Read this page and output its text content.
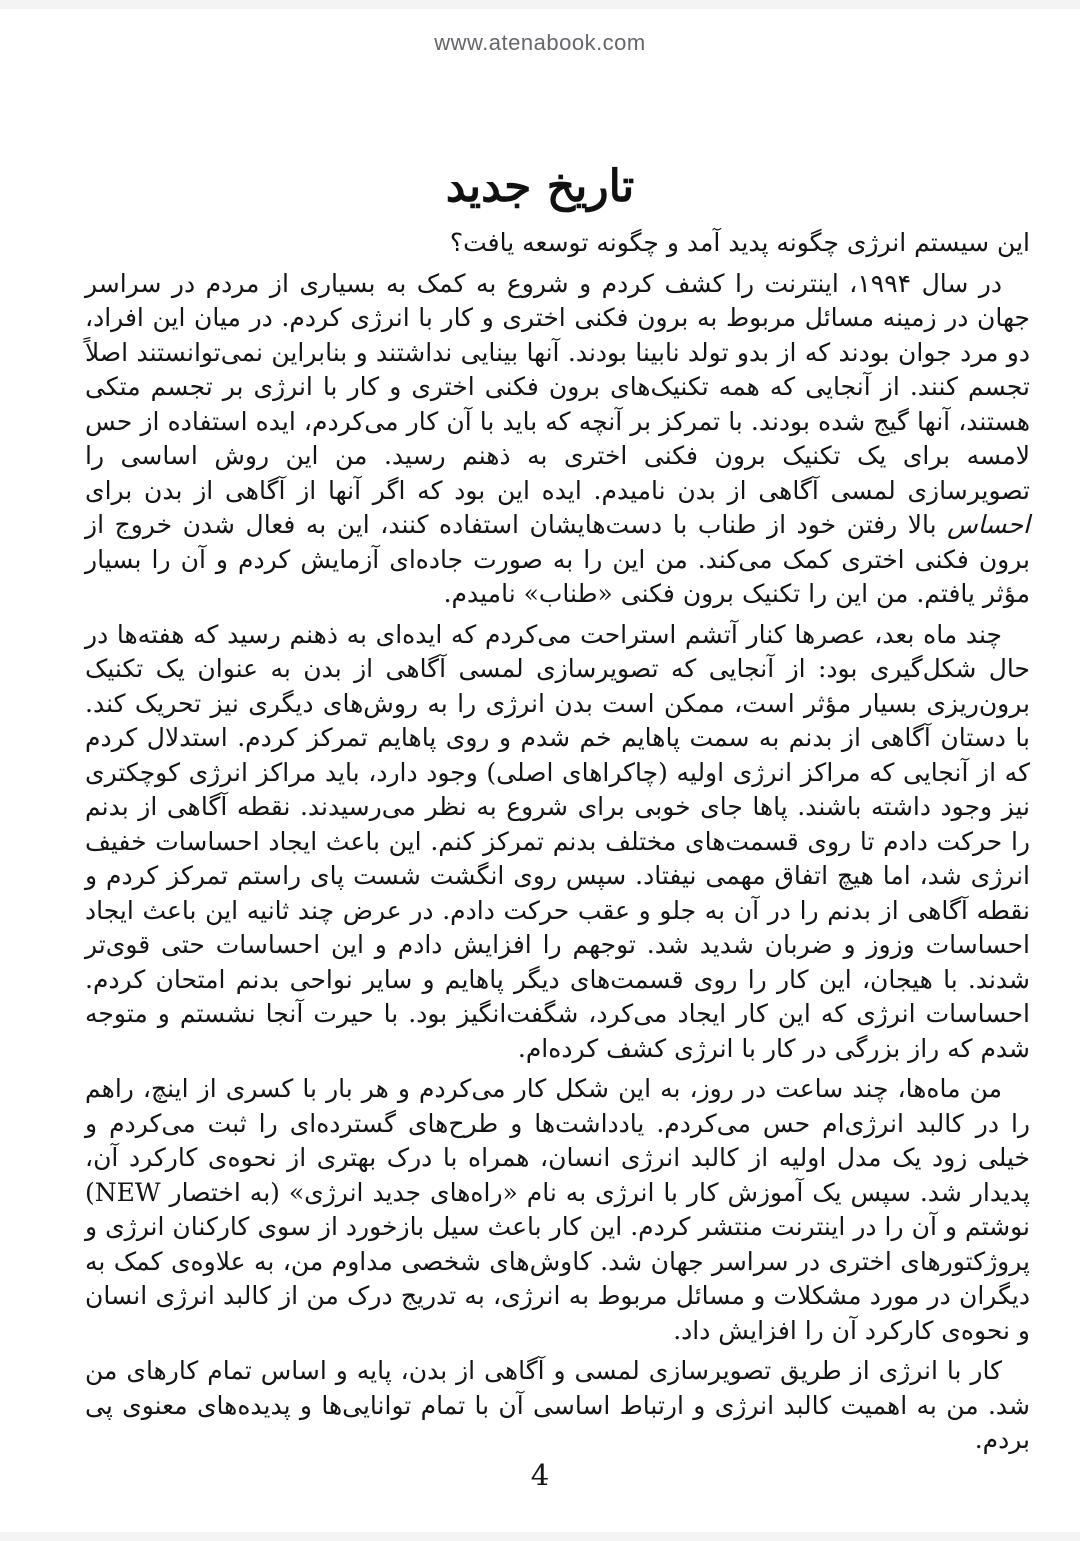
www.atenabook.com
تاریخ جدید

این سیستم انرژی چگونه پدید آمد و چگونه توسعه یافت؟

در سال ۱۹۹۴، اینترنت را کشف کردم و شروع به کمک به بسیاری از مردم در سراسر جهان در زمینه مسائل مربوط به برون فکنی اختری و کار با انرژی کردم. در میان این افراد، دو مرد جوان بودند که از بدو تولد نابینا بودند. آنها بینایی نداشتند و بنابراین نمی‌توانستند اصلاً تجسم کنند. از آنجایی که همه تکنیک‌های برون فکنی اختری و کار با انرژی بر تجسم متکی هستند، آنها گیج شده بودند. با تمرکز بر آنچه که باید با آن کار می‌کردم، ایده استفاده از حس لامسه برای یک تکنیک برون فکنی اختری به ذهنم رسید. من این روش اساسی را تصویرسازی لمسی آگاهی از بدن نامیدم. ایده این بود که اگر آنها از آگاهی از بدن برای احساس بالا رفتن خود از طناب با دست‌هایشان استفاده کنند، این به فعال شدن خروج از برون فکنی اختری کمک می‌کند. من این را به صورت جاده‌ای آزمایش کردم و آن را بسیار مؤثر یافتم. من این را تکنیک برون فکنی «طناب» نامیدم.

چند ماه بعد، عصرها کنار آتشم استراحت می‌کردم که ایده‌ای به ذهنم رسید که هفته‌ها در حال شکل‌گیری بود: از آنجایی که تصویرسازی لمسی آگاهی از بدن به عنوان یک تکنیک برون‌ریزی بسیار مؤثر است، ممکن است بدن انرژی را به روش‌های دیگری نیز تحریک کند. با دستان آگاهی از بدنم به سمت پاهایم خم شدم و روی پاهایم تمرکز کردم. استدلال کردم که از آنجایی که مراکز انرژی اولیه (چاکراهای اصلی) وجود دارد، باید مراکز انرژی کوچکتری نیز وجود داشته باشند. پاها جای خوبی برای شروع به نظر می‌رسیدند. نقطه آگاهی از بدنم را حرکت دادم تا روی قسمت‌های مختلف بدنم تمرکز کنم. این باعث ایجاد احساسات خفیف انرژی شد، اما هیچ اتفاق مهمی نیفتاد. سپس روی انگشت شست پای راستم تمرکز کردم و نقطه آگاهی از بدنم را در آن به جلو و عقب حرکت دادم. در عرض چند ثانیه این باعث ایجاد احساسات وزوز و ضربان شدید شد. توجهم را افزایش دادم و این احساسات حتی قوی‌تر شدند. با هیجان، این کار را روی قسمت‌های دیگر پاهایم و سایر نواحی بدنم امتحان کردم. احساسات انرژی که این کار ایجاد می‌کرد، شگفت‌انگیز بود. با حیرت آنجا نشستم و متوجه شدم که راز بزرگی در کار با انرژی کشف کرده‌ام.

من ماه‌ها، چند ساعت در روز، به این شکل کار می‌کردم و هر بار با کسری از اینچ، راهم را در کالبد انرژی‌ام حس می‌کردم. یادداشت‌ها و طرح‌های گسترده‌ای را ثبت می‌کردم و خیلی زود یک مدل اولیه از کالبد انرژی انسان، همراه با درک بهتری از نحوه‌ی کارکرد آن، پدیدار شد. سپس یک آموزش کار با انرژی به نام «راه‌های جدید انرژی» (به اختصار NEW) نوشتم و آن را در اینترنت منتشر کردم. این کار باعث سیل بازخورد از سوی کارکنان انرژی و پروژکتورهای اختری در سراسر جهان شد. کاوش‌های شخصی مداوم من، به علاوه‌ی کمک به دیگران در مورد مشکلات و مسائل مربوط به انرژی، به تدریج درک من از کالبد انرژی انسان و نحوه‌ی کارکرد آن را افزایش داد.

کار با انرژی از طریق تصویرسازی لمسی و آگاهی از بدن، پایه و اساس تمام کارهای من شد. من به اهمیت کالبد انرژی و ارتباط اساسی آن با تمام توانایی‌ها و پدیده‌های معنوی پی بردم.

4
